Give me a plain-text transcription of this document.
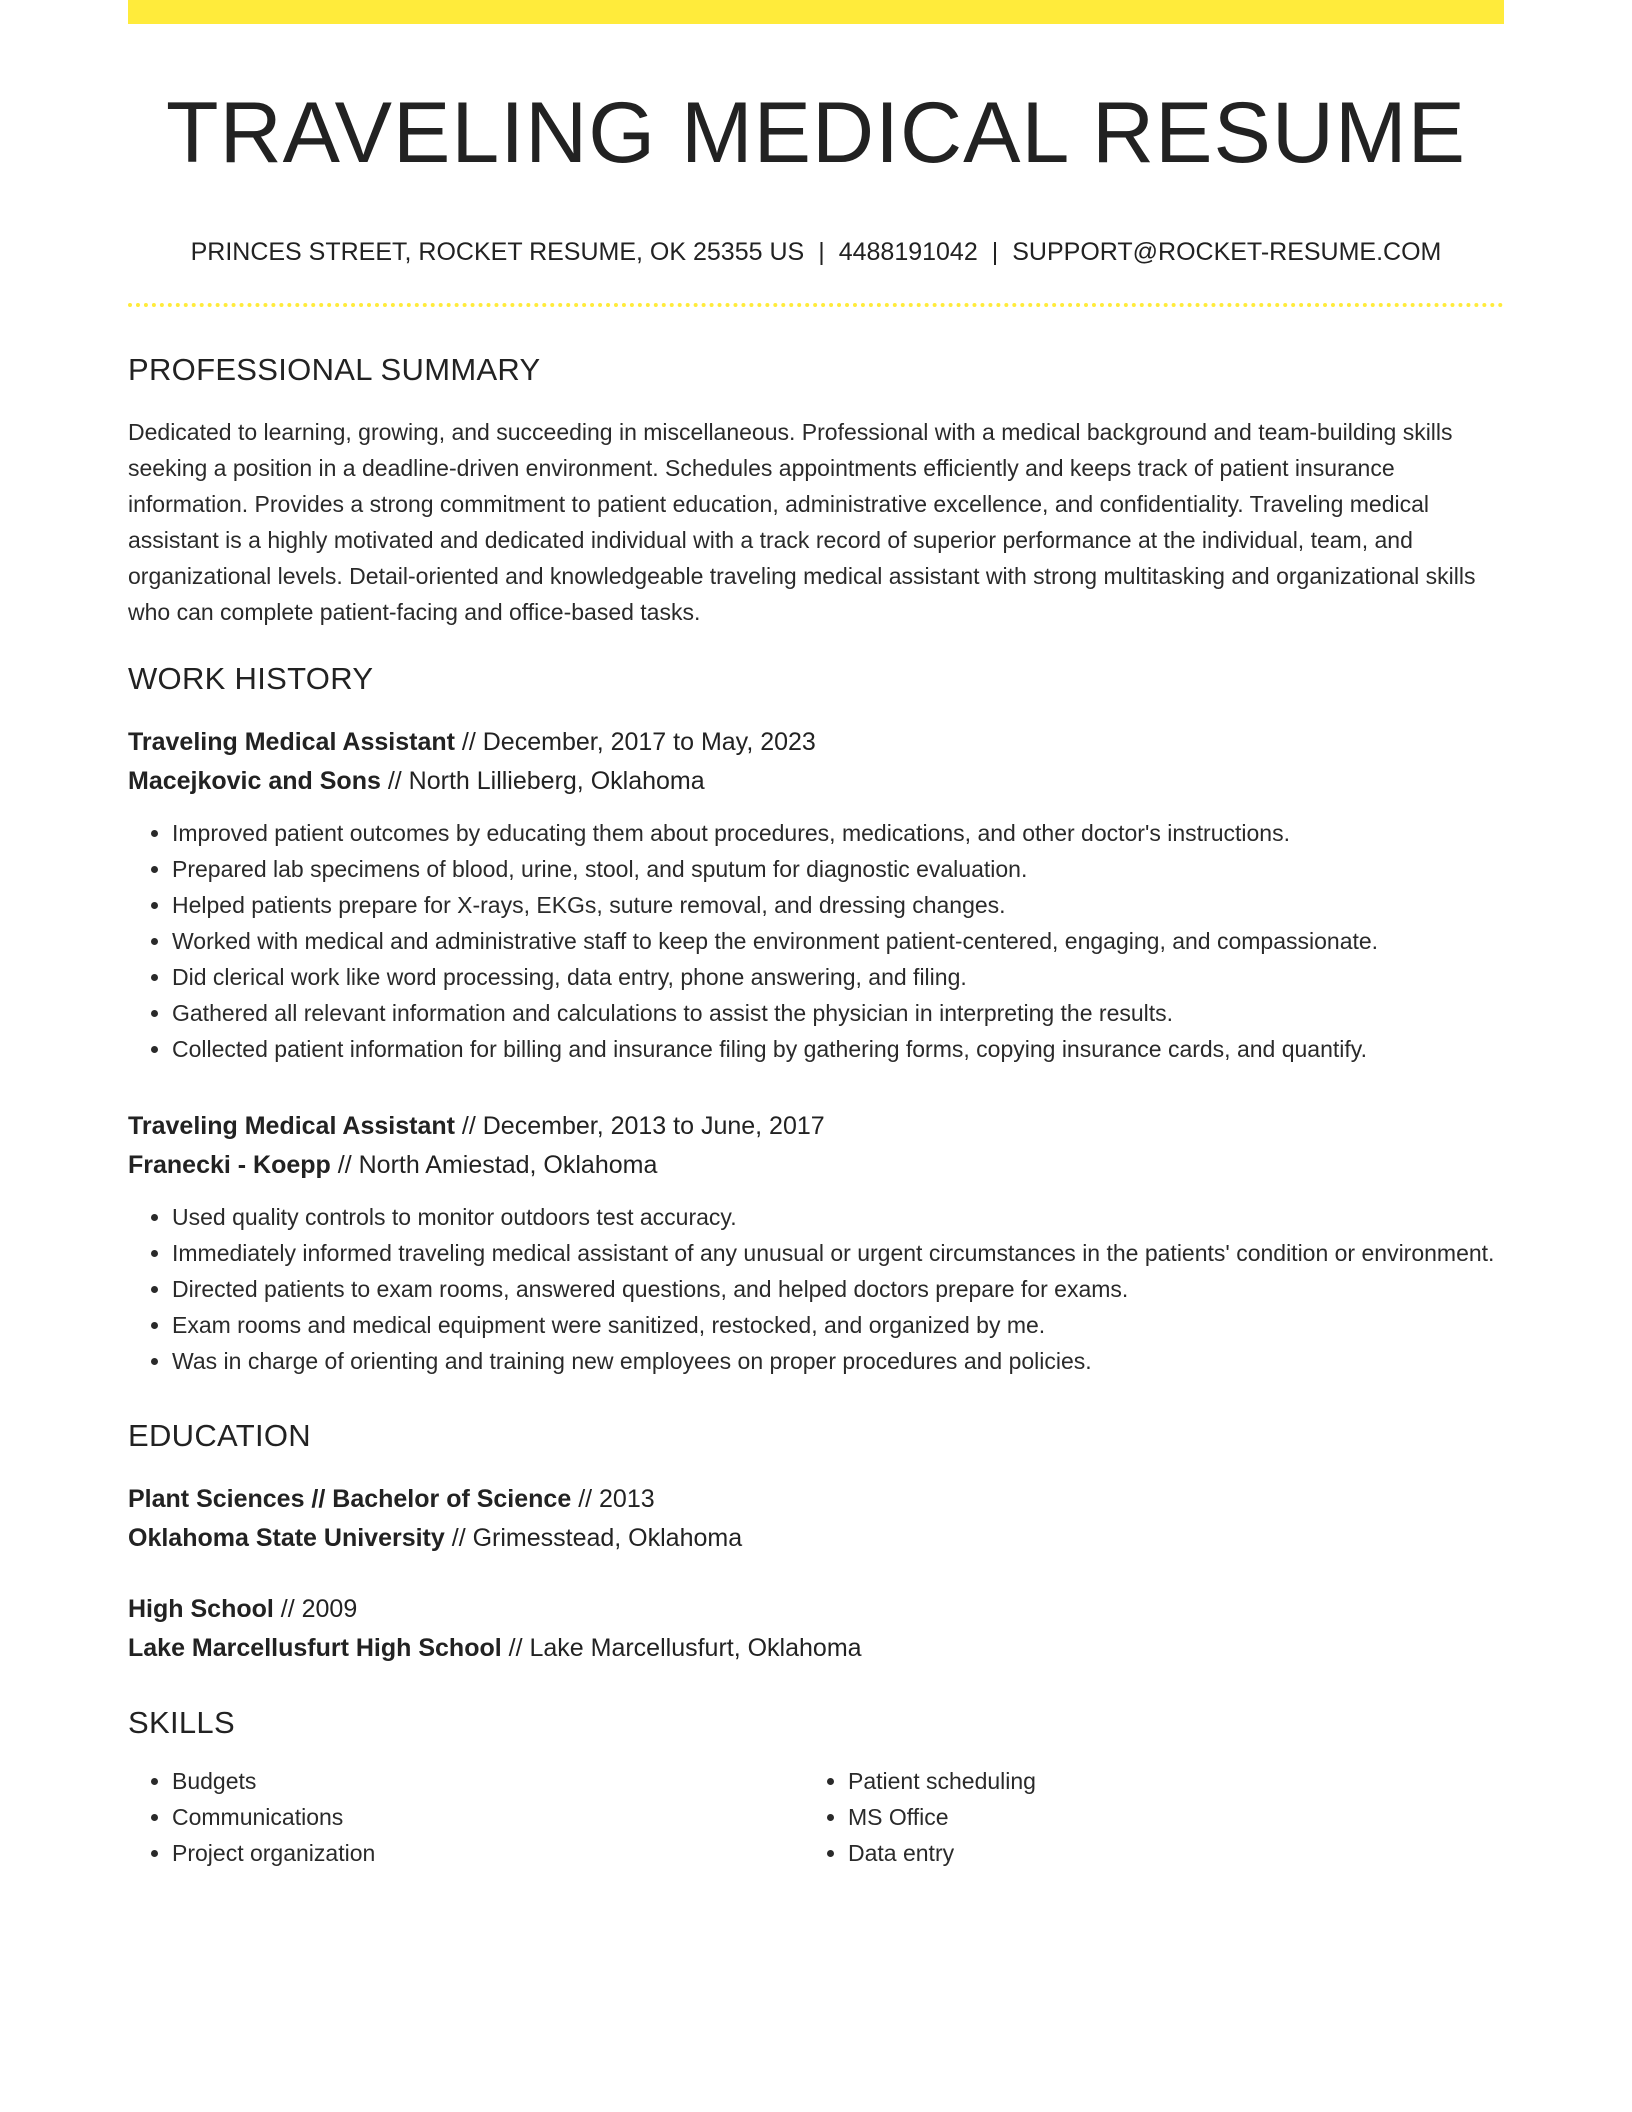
TRAVELING MEDICAL RESUME
PRINCES STREET, ROCKET RESUME, OK 25355 US | 4488191042 | SUPPORT@ROCKET-RESUME.COM
PROFESSIONAL SUMMARY

Dedicated to learning, growing, and succeeding in miscellaneous. Professional with a medical background and team-building skills seeking a position in a deadline-driven environment. Schedules appointments efficiently and keeps track of patient insurance information. Provides a strong commitment to patient education, administrative excellence, and confidentiality. Traveling medical assistant is a highly motivated and dedicated individual with a track record of superior performance at the individual, team, and organizational levels. Detail-oriented and knowledgeable traveling medical assistant with strong multitasking and organizational skills who can complete patient-facing and office-based tasks.

WORK HISTORY
Traveling Medical Assistant // December, 2017 to May, 2023
Macejkovic and Sons // North Lillieberg, Oklahoma
• Improved patient outcomes by educating them about procedures, medications, and other doctor's instructions.
• Prepared lab specimens of blood, urine, stool, and sputum for diagnostic evaluation.
• Helped patients prepare for X-rays, EKGs, suture removal, and dressing changes.
• Worked with medical and administrative staff to keep the environment patient-centered, engaging, and compassionate.
• Did clerical work like word processing, data entry, phone answering, and filing.
• Gathered all relevant information and calculations to assist the physician in interpreting the results.
• Collected patient information for billing and insurance filing by gathering forms, copying insurance cards, and quantify.
Traveling Medical Assistant // December, 2013 to June, 2017
Franecki - Koepp // North Amiestad, Oklahoma
• Used quality controls to monitor outdoors test accuracy.
• Immediately informed traveling medical assistant of any unusual or urgent circumstances in the patients' condition or environment.
• Directed patients to exam rooms, answered questions, and helped doctors prepare for exams.
• Exam rooms and medical equipment were sanitized, restocked, and organized by me.
• Was in charge of orienting and training new employees on proper procedures and policies.
EDUCATION
Plant Sciences // Bachelor of Science // 2013
Oklahoma State University // Grimesstead, Oklahoma
High School // 2009
Lake Marcellusfurt High School // Lake Marcellusfurt, Oklahoma
SKILLS
• Budgets
• Communications
• Project organization
• Patient scheduling
• MS Office
• Data entry
